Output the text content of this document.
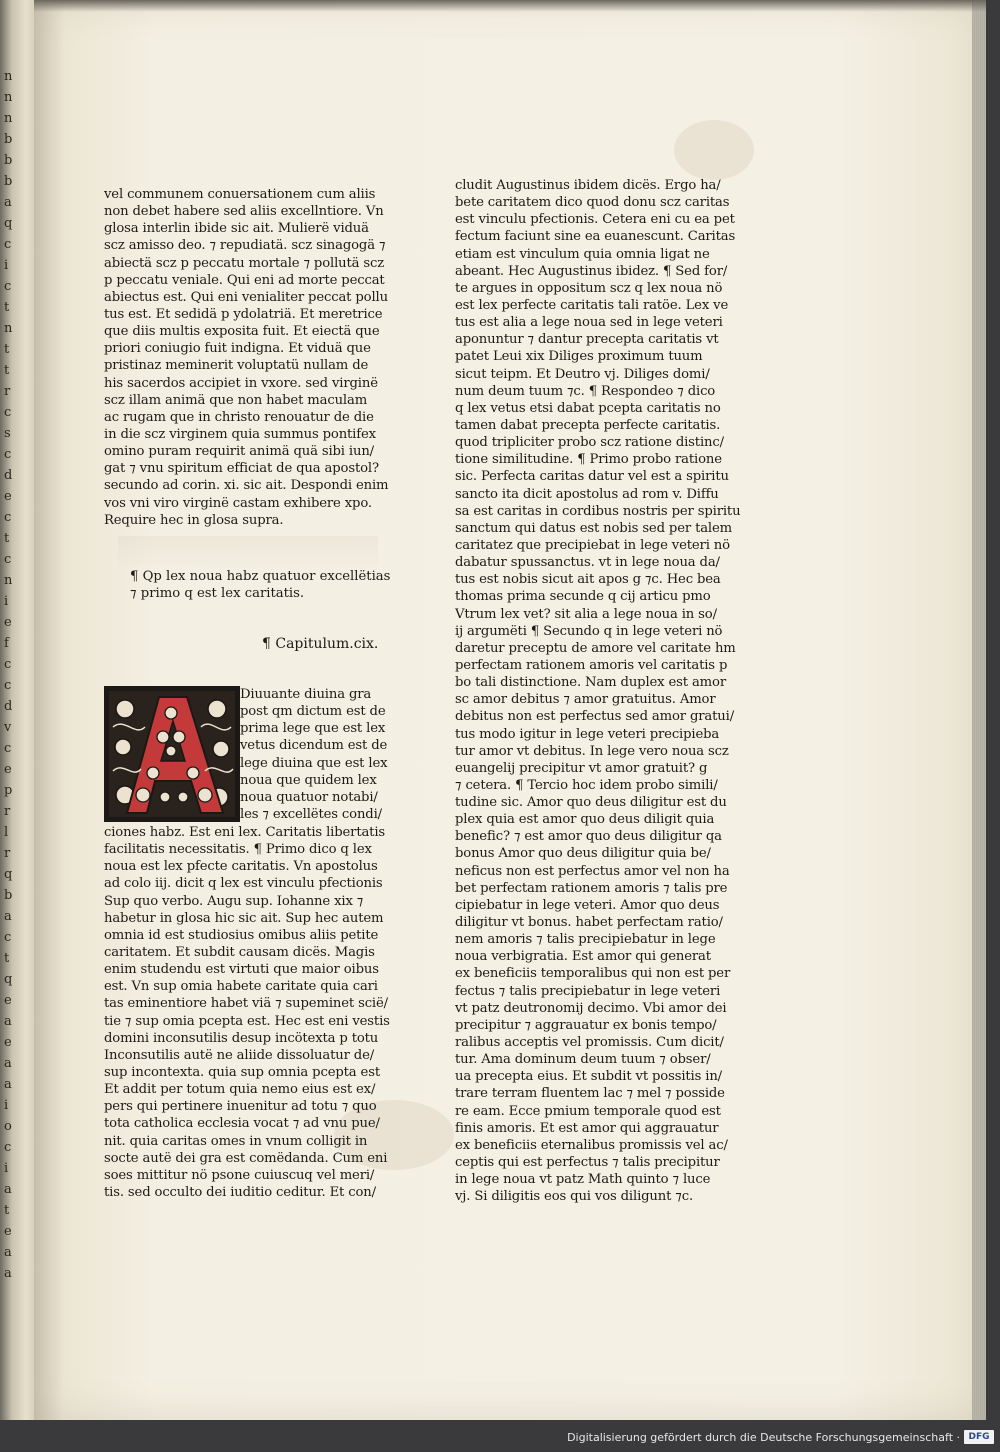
n
n
n
b
b
b
a
q
c
i
c
t
n
t
t
r
c
s
c
d
e
c
t
c
n
i
e
f
c
c
d
v
c
e
p
r
l
r
q
b
a
c
t
q
e
a
e
a
a
i
o
c
i
a
t
e
a
a
vel communem conuersationem cum aliis
non debet habere sed aliis excellntiore. Vn
glosa interlin ibide sic ait. Mulierë viduä
scz amisso deo. ⁊ repudiatä. scz sinagogä ⁊
abiectä scz p peccatu mortale ⁊ pollutä scz
p peccatu veniale. Qui eni ad morte peccat
abiectus est. Qui eni venialiter peccat pollu
tus est. Et sedidä p ydolatriä. Et meretrice
que diis multis exposita fuit. Et eiectä que
priori coniugio fuit indigna. Et viduä que
pristinaz meminerit voluptatü nullam de
his sacerdos accipiet in vxore. sed virginë
scz illam animä que non habet maculam
ac rugam que in christo renouatur de die
in die scz virginem quia summus pontifex
omino puram requirit animä quä sibi iun/
gat ⁊ vnu spiritum efficiat de qua apostol?
secundo ad corin. xi. sic ait. Despondi enim
vos vni viro virginë castam exhibere xpo.
Require hec in glosa supra.
¶ Qp lex noua habz quatuor excellëtias
⁊ primo q est lex caritatis.
¶ Capitulum.cix.
Diuuante diuina gra
post qm dictum est de
prima lege que est lex
vetus dicendum est de
lege diuina que est lex
noua que quidem lex
noua quatuor notabi/
les ⁊ excellëtes condi/
ciones habz. Est eni lex. Caritatis libertatis
facilitatis necessitatis. ¶ Primo dico q lex
noua est lex pfecte caritatis. Vn apostolus
ad colo iij. dicit q lex est vinculu pfectionis
Sup quo verbo. Augu sup. Iohanne xix ⁊
habetur in glosa hic sic ait. Sup hec autem
omnia id est studiosius omibus aliis petite
caritatem. Et subdit causam dicës. Magis
enim studendu est virtuti que maior oibus
est. Vn sup omia habete caritate quia cari
tas eminentiore habet viä ⁊ supeminet scië/
tie ⁊ sup omia pcepta est. Hec est eni vestis
domini inconsutilis desup incötexta p totu
Inconsutilis autë ne aliide dissoluatur de/
sup incontexta. quia sup omnia pcepta est
Et addit per totum quia nemo eius est ex/
pers qui pertinere inuenitur ad totu ⁊ quo
tota catholica ecclesia vocat ⁊ ad vnu pue/
nit. quia caritas omes in vnum colligit in
socte autë dei gra est comëdanda. Cum eni
soes mittitur nö psone cuiuscuq vel meri/
tis. sed occulto dei iuditio ceditur. Et con/
cludit Augustinus ibidem dicës. Ergo ha/
bete caritatem dico quod donu scz caritas
est vinculu pfectionis. Cetera eni cu ea pet
fectum faciunt sine ea euanescunt. Caritas
etiam est vinculum quia omnia ligat ne
abeant. Hec Augustinus ibidez. ¶ Sed for/
te argues in oppositum scz q lex noua nö
est lex perfecte caritatis tali ratöe. Lex ve
tus est alia a lege noua sed in lege veteri
aponuntur ⁊ dantur precepta caritatis vt
patet Leui xix Diliges proximum tuum
sicut teipm. Et Deutro vj. Diliges domi/
num deum tuum ⁊c. ¶ Respondeo ⁊ dico
q lex vetus etsi dabat pcepta caritatis no
tamen dabat precepta perfecte caritatis.
quod tripliciter probo scz ratione distinc/
tione similitudine. ¶ Primo probo ratione
sic. Perfecta caritas datur vel est a spiritu
sancto ita dicit apostolus ad rom v. Diffu
sa est caritas in cordibus nostris per spiritu
sanctum qui datus est nobis sed per talem
caritatez que precipiebat in lege veteri nö
dabatur spussanctus. vt in lege noua da/
tus est nobis sicut ait apos g ⁊c. Hec bea
thomas prima secunde q cij articu pmo
Vtrum lex vet? sit alia a lege noua in so/
ij argumëti ¶ Secundo q in lege veteri nö
daretur preceptu de amore vel caritate hm
perfectam rationem amoris vel caritatis p
bo tali distinctione. Nam duplex est amor
sc amor debitus ⁊ amor gratuitus. Amor
debitus non est perfectus sed amor gratui/
tus modo igitur in lege veteri precipieba
tur amor vt debitus. In lege vero noua scz
euangelij precipitur vt amor gratuit? g
⁊ cetera. ¶ Tercio hoc idem probo simili/
tudine sic. Amor quo deus diligitur est du
plex quia est amor quo deus diligit quia
benefic? ⁊ est amor quo deus diligitur qa
bonus Amor quo deus diligitur quia be/
neficus non est perfectus amor vel non ha
bet perfectam rationem amoris ⁊ talis pre
cipiebatur in lege veteri. Amor quo deus
diligitur vt bonus. habet perfectam ratio/
nem amoris ⁊ talis precipiebatur in lege
noua verbigratia. Est amor qui generat
ex beneficiis temporalibus qui non est per
fectus ⁊ talis precipiebatur in lege veteri
vt patz deutronomij decimo. Vbi amor dei
precipitur ⁊ aggrauatur ex bonis tempo/
ralibus acceptis vel promissis. Cum dicit/
tur. Ama dominum deum tuum ⁊ obser/
ua precepta eius. Et subdit vt possitis in/
trare terram fluentem lac ⁊ mel ⁊ posside
re eam. Ecce pmium temporale quod est
finis amoris. Et est amor qui aggrauatur
ex beneficiis eternalibus promissis vel ac/
ceptis qui est perfectus ⁊ talis precipitur
in lege noua vt patz Math quinto ⁊ luce
vj. Si diligitis eos qui vos diligunt ⁊c.
Digitalisierung gefördert durch die Deutsche Forschungsgemeinschaft · DFG
